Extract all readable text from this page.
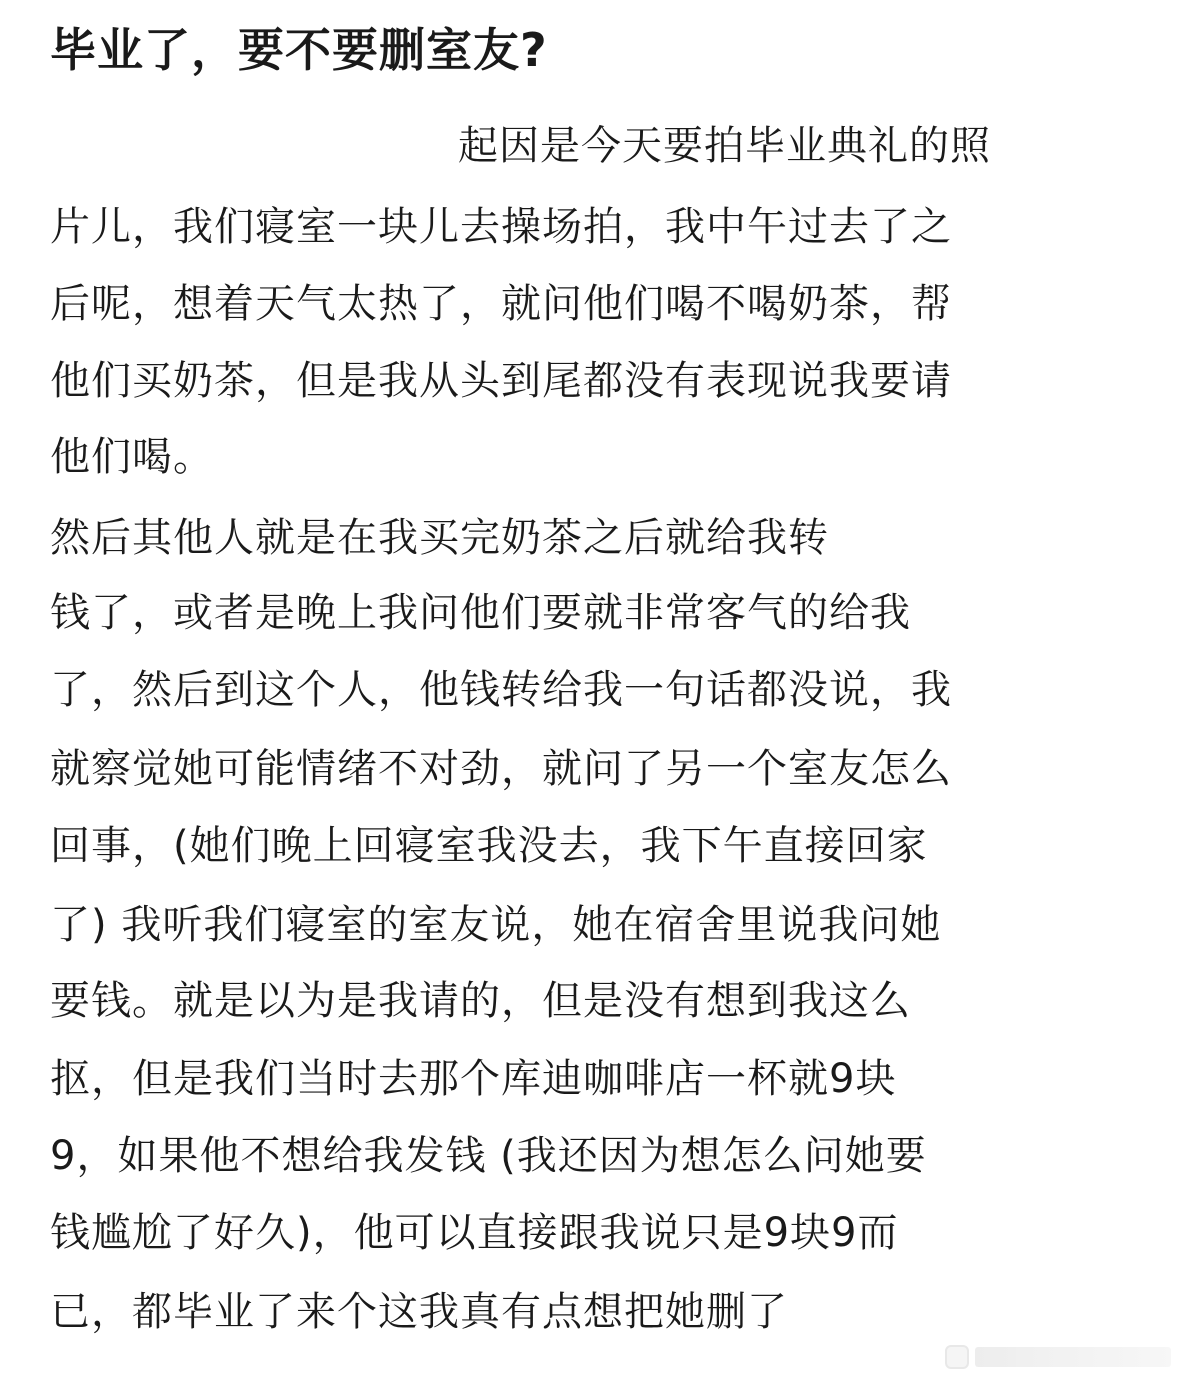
毕业了，要不要删室友?
起因是今天要拍毕业典礼的照
片儿，我们寝室一块儿去操场拍，我中午过去了之
后呢，想着天气太热了，就问他们喝不喝奶茶，帮
他们买奶茶，但是我从头到尾都没有表现说我要请
他们喝。
然后其他人就是在我买完奶茶之后就给我转
钱了，或者是晚上我问他们要就非常客气的给我
了，然后到这个人，他钱转给我一句话都没说，我
就察觉她可能情绪不对劲，就问了另一个室友怎么
回事，(她们晚上回寝室我没去，我下午直接回家
了) 我听我们寝室的室友说，她在宿舍里说我问她
要钱。就是以为是我请的，但是没有想到我这么
抠，但是我们当时去那个库迪咖啡店一杯就9块
9，如果他不想给我发钱 (我还因为想怎么问她要
钱尴尬了好久)，他可以直接跟我说只是9块9而
已，都毕业了来个这我真有点想把她删了
